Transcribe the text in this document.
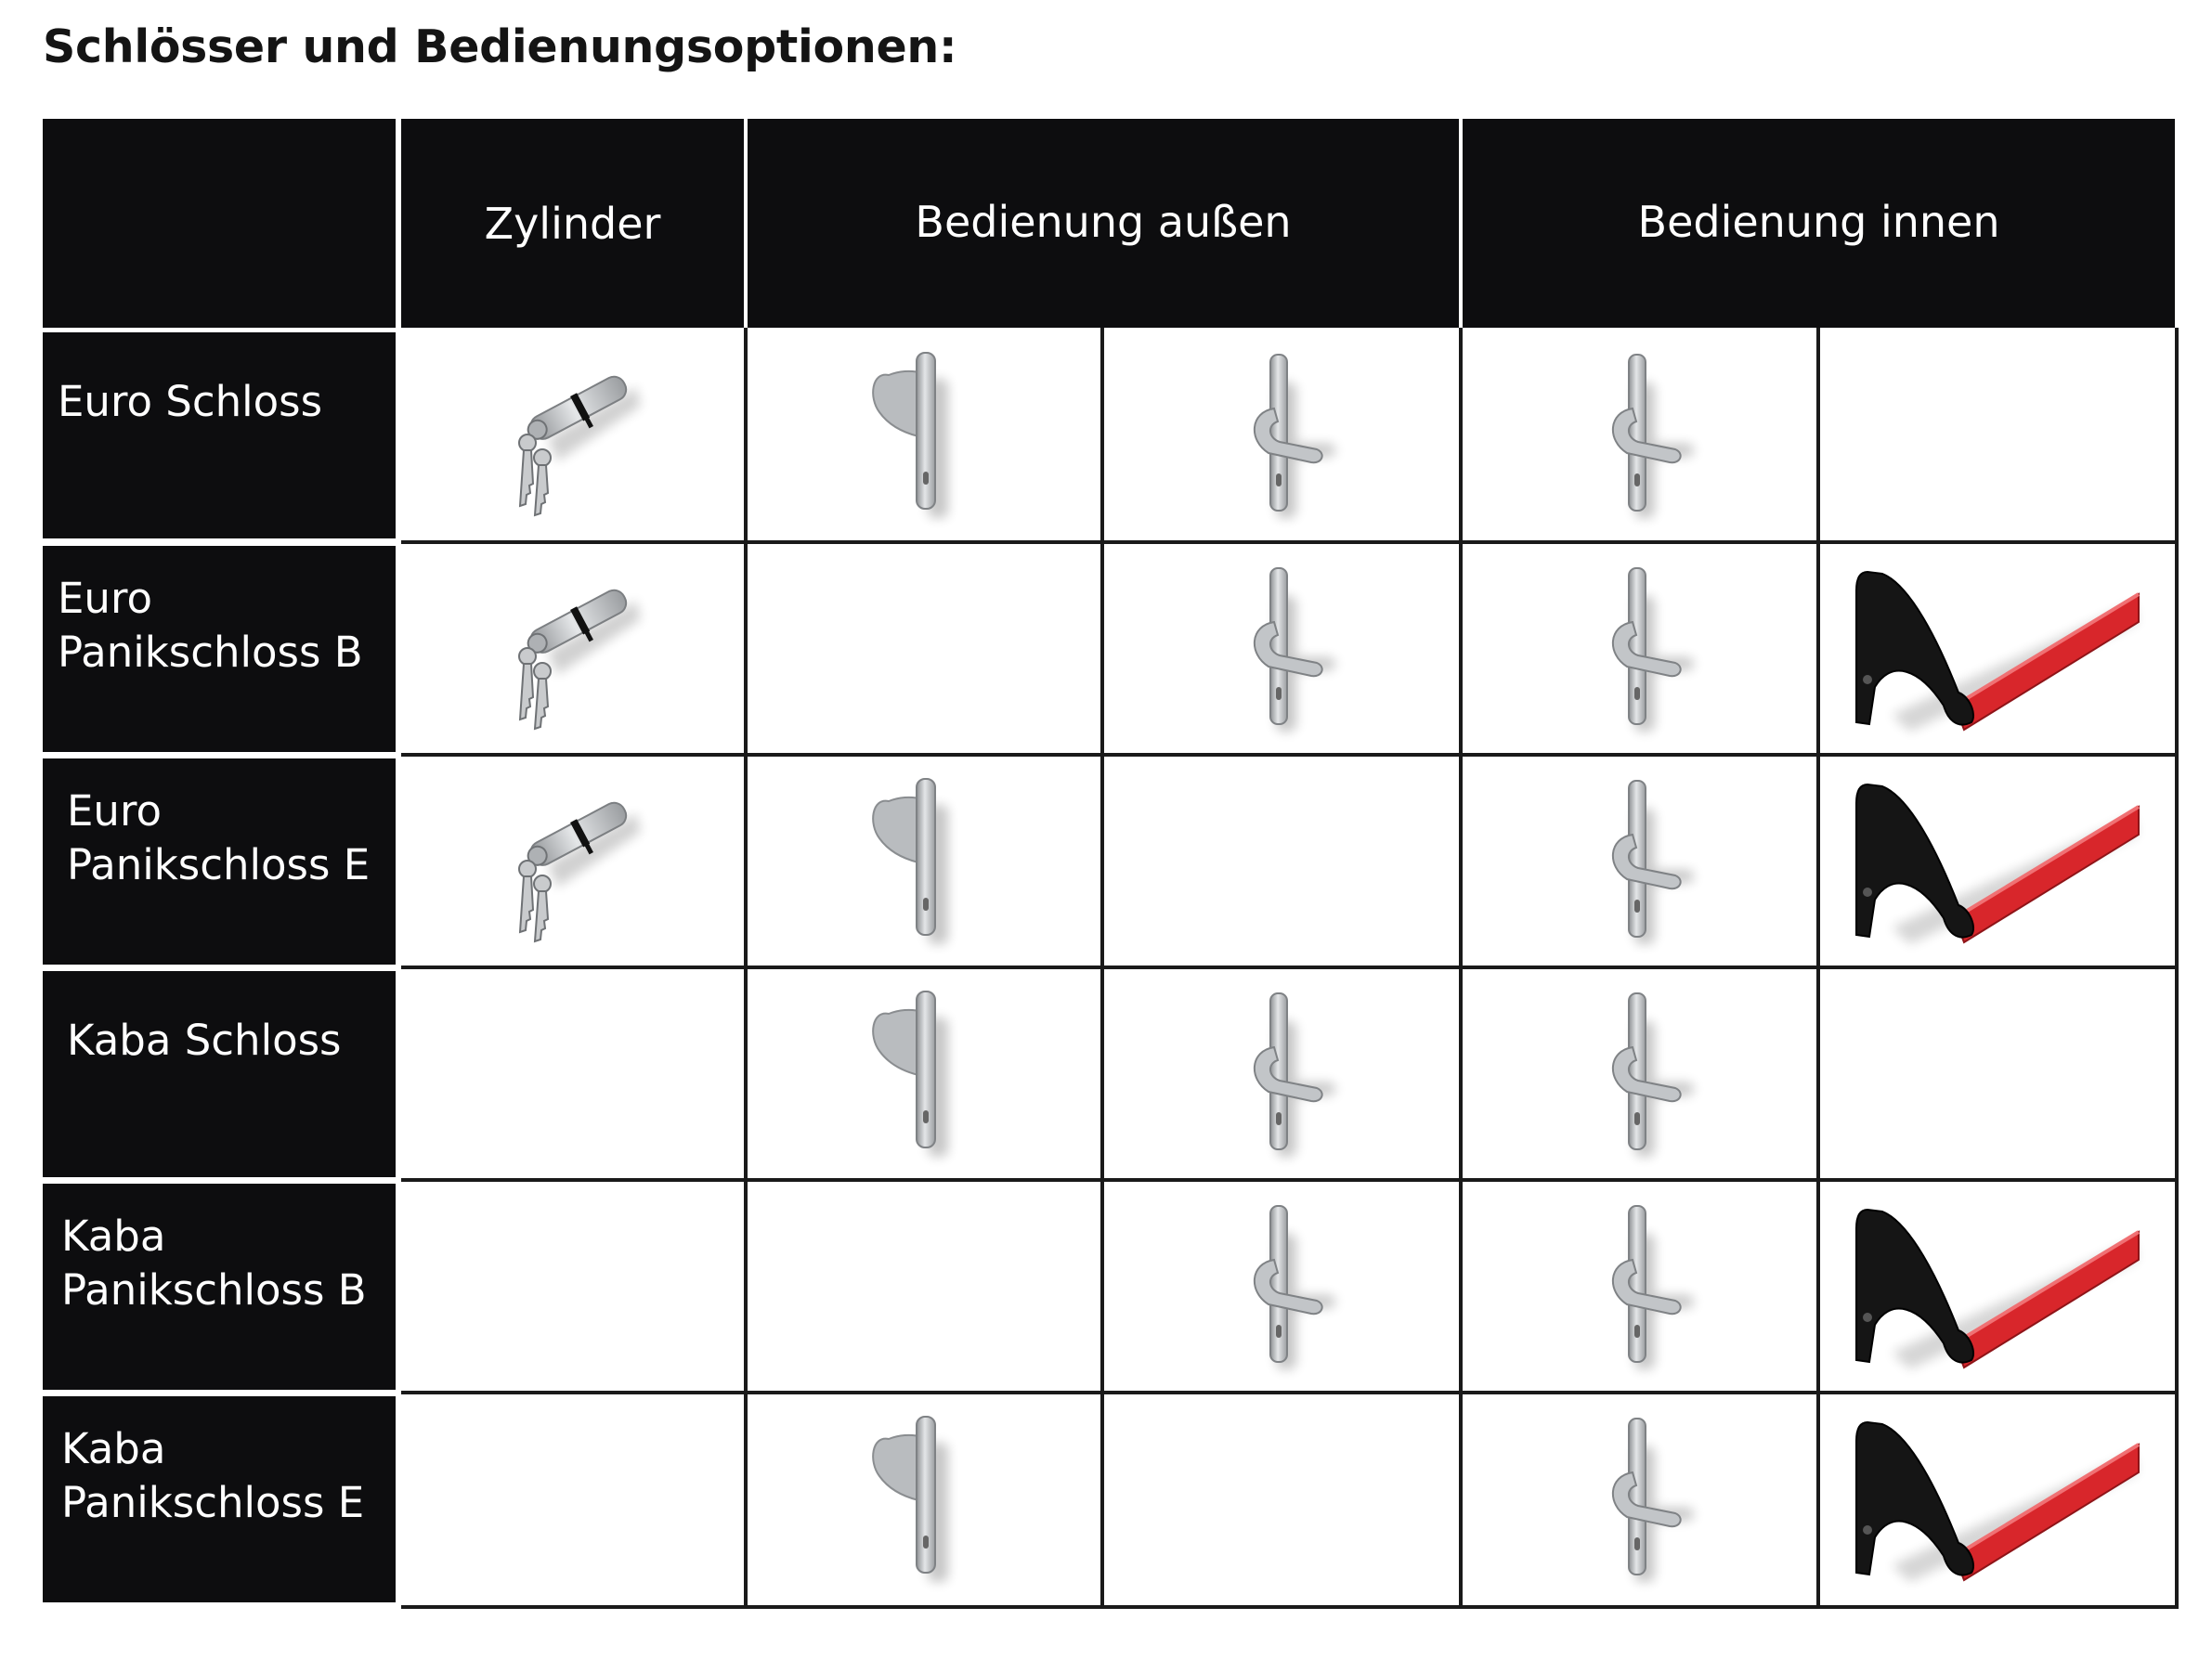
Schlösser und Bedienungsoptionen:
Zylinder	Bedienung außen	Bedienung innen
Euro Schloss
Euro
Panikschloss B
Euro
Panikschloss E
Kaba Schloss
Kaba
Panikschloss B
Kaba
Panikschloss E
